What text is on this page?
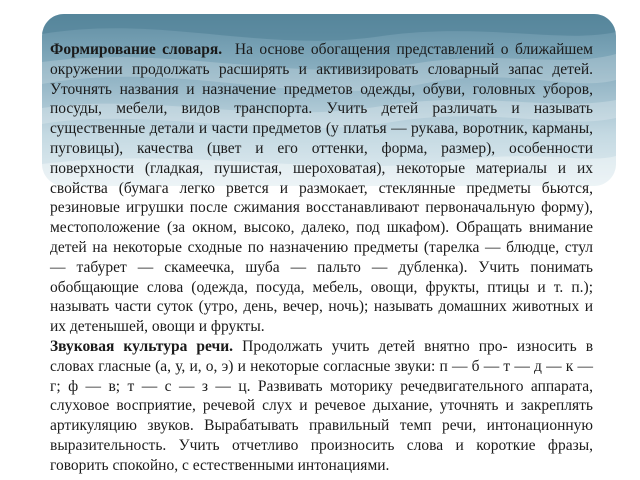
Формирование словаря. На основе обогащения представлений о ближайшем окружении продолжать расширять и активизировать словарный запас детей. Уточнять названия и назначение предметов одежды, обуви, головных уборов, посуды, мебели, видов транспорта. Учить детей различать и называть существенные детали и части предметов (у платья — рукава, воротник, карманы, пуговицы), качества (цвет и его оттенки, форма, размер), особенности поверхности (гладкая, пушистая, шероховатая), некоторые материалы и их свойства (бумага легко рвется и размокает, стеклянные предметы бьются, резиновые игрушки после сжимания восстанавливают первоначальную форму), местоположение (за окном, высоко, далеко, под шкафом). Обращать внимание детей на некоторые сходные по назначению предметы (тарелка — блюдце, стул — табурет — скамеечка, шуба — пальто — дубленка). Учить понимать обобщающие слова (одежда, посуда, мебель, овощи, фрукты, птицы и т. п.); называть части суток (утро, день, вечер, ночь); называть домашних животных и их детенышей, овощи и фрукты.

Звуковая культура речи. Продолжать учить детей внятно про- износить в словах гласные (а, у, и, о, э) и некоторые согласные звуки: п — б — т — д — к — г; ф — в; т — с — з — ц. Развивать моторику речедвигательного аппарата, слуховое восприятие, речевой слух и речевое дыхание, уточнять и закреплять артикуляцию звуков. Вырабатывать правильный темп речи, интонационную выразительность. Учить отчетливо произносить слова и короткие фразы, говорить спокойно, с естественными интонациями.
